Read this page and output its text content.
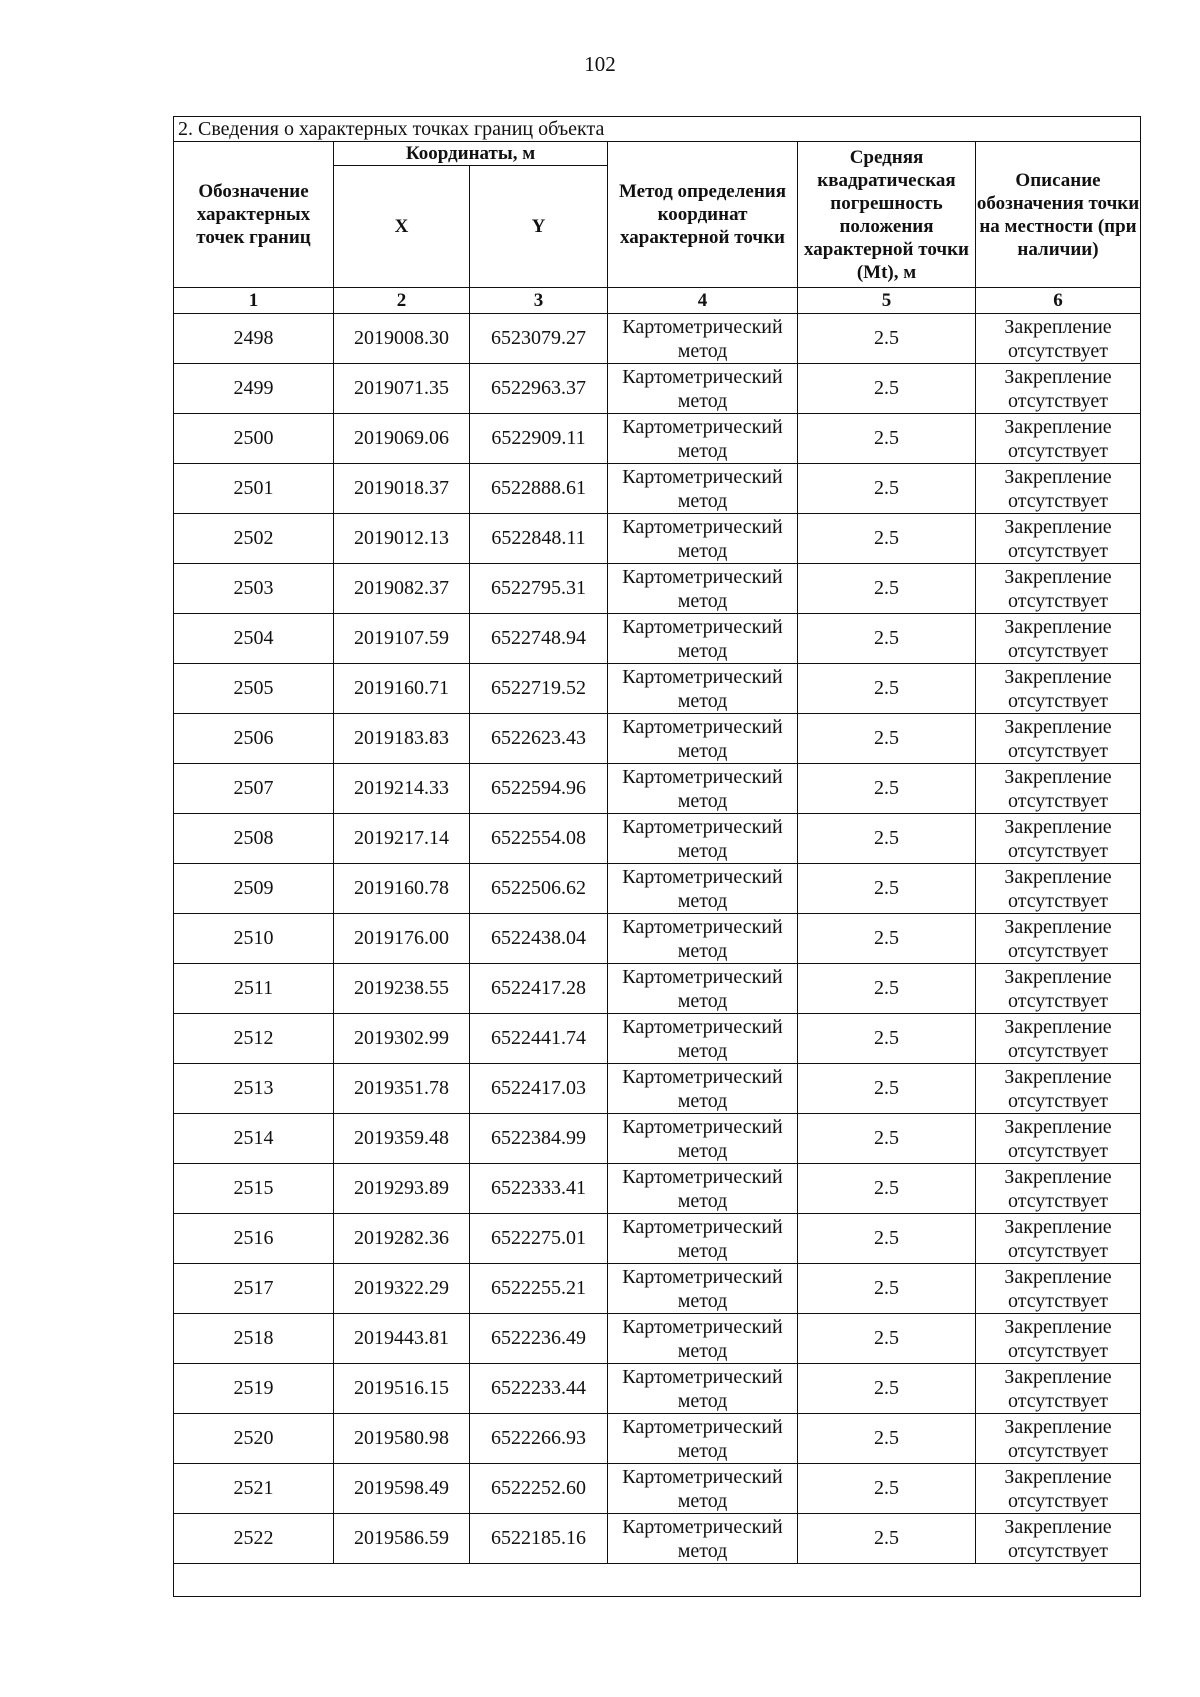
102
2. Сведения о характерных точках границ объекта					
Обозначение характерных точек границ	Координаты, м		Метод определения координат характерной точки	Средняя квадратическая погрешность положения характерной точки (Mt), м	Описание обозначения точки на местности (при наличии)
	X	Y			
1	2	3	4	5	6
2498	2019008.30	6523079.27	Картометрический метод	2.5	Закрепление отсутствует

2499	2019071.35	6522963.37	Картометрический метод	2.5	Закрепление отсутствует

2500	2019069.06	6522909.11	Картометрический метод	2.5	Закрепление отсутствует

2501	2019018.37	6522888.61	Картометрический метод	2.5	Закрепление отсутствует

2502	2019012.13	6522848.11	Картометрический метод	2.5	Закрепление отсутствует

2503	2019082.37	6522795.31	Картометрический метод	2.5	Закрепление отсутствует

2504	2019107.59	6522748.94	Картометрический метод	2.5	Закрепление отсутствует

2505	2019160.71	6522719.52	Картометрический метод	2.5	Закрепление отсутствует

2506	2019183.83	6522623.43	Картометрический метод	2.5	Закрепление отсутствует

2507	2019214.33	6522594.96	Картометрический метод	2.5	Закрепление отсутствует

2508	2019217.14	6522554.08	Картометрический метод	2.5	Закрепление отсутствует

2509	2019160.78	6522506.62	Картометрический метод	2.5	Закрепление отсутствует

2510	2019176.00	6522438.04	Картометрический метод	2.5	Закрепление отсутствует

2511	2019238.55	6522417.28	Картометрический метод	2.5	Закрепление отсутствует

2512	2019302.99	6522441.74	Картометрический метод	2.5	Закрепление отсутствует

2513	2019351.78	6522417.03	Картометрический метод	2.5	Закрепление отсутствует

2514	2019359.48	6522384.99	Картометрический метод	2.5	Закрепление отсутствует

2515	2019293.89	6522333.41	Картометрический метод	2.5	Закрепление отсутствует

2516	2019282.36	6522275.01	Картометрический метод	2.5	Закрепление отсутствует

2517	2019322.29	6522255.21	Картометрический метод	2.5	Закрепление отсутствует

2518	2019443.81	6522236.49	Картометрический метод	2.5	Закрепление отсутствует

2519	2019516.15	6522233.44	Картометрический метод	2.5	Закрепление отсутствует

2520	2019580.98	6522266.93	Картометрический метод	2.5	Закрепление отсутствует

2521	2019598.49	6522252.60	Картометрический метод	2.5	Закрепление отсутствует

2522	2019586.59	6522185.16	Картометрический метод	2.5	Закрепление отсутствует
